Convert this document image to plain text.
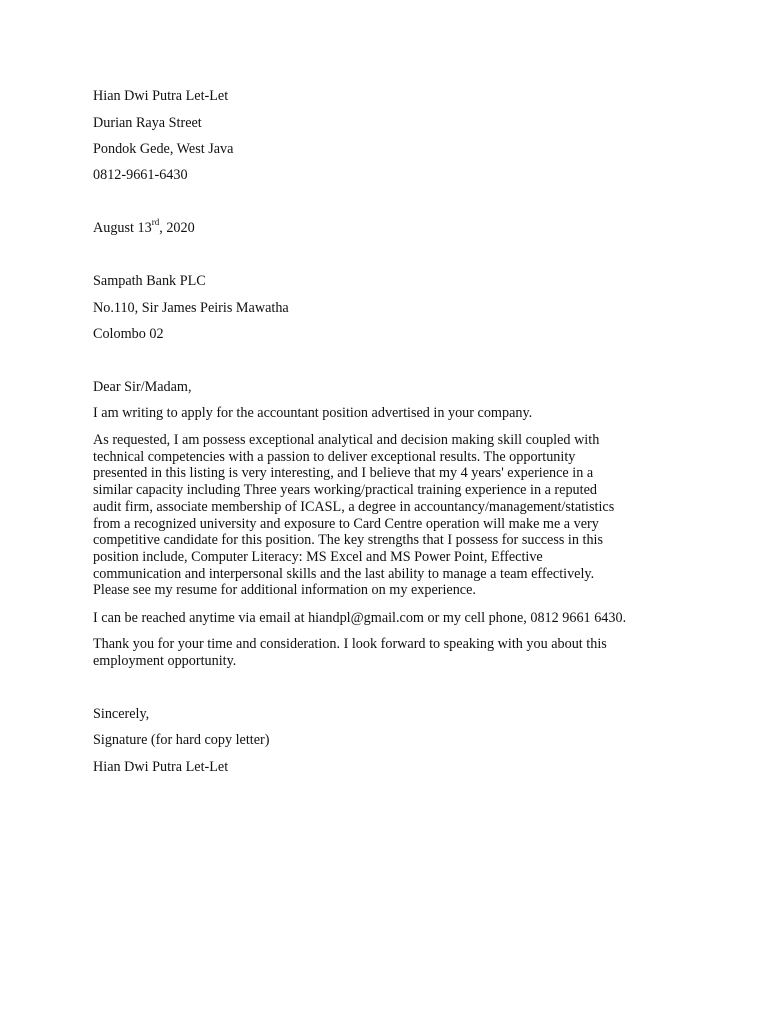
Hian Dwi Putra Let-Let
Durian Raya Street
Pondok Gede, West Java
0812-9661-6430
August 13rd, 2020
Sampath Bank PLC
No.110, Sir James Peiris Mawatha
Colombo 02
Dear Sir/Madam,
I am writing to apply for the accountant position advertised in your company.
As requested, I am possess exceptional analytical and decision making skill coupled with
technical competencies with a passion to deliver exceptional results. The opportunity
presented in this listing is very interesting, and I believe that my 4 years' experience in a
similar capacity including Three years working/practical training experience in a reputed
audit firm, associate membership of ICASL, a degree in accountancy/management/statistics
from a recognized university and exposure to Card Centre operation will make me a very
competitive candidate for this position. The key strengths that I possess for success in this
position include, Computer Literacy: MS Excel and MS Power Point, Effective
communication and interpersonal skills and the last ability to manage a team effectively.
Please see my resume for additional information on my experience.
I can be reached anytime via email at hiandpl@gmail.com or my cell phone, 0812 9661 6430.
Thank you for your time and consideration. I look forward to speaking with you about this
employment opportunity.
Sincerely,
Signature (for hard copy letter)
Hian Dwi Putra Let-Let
